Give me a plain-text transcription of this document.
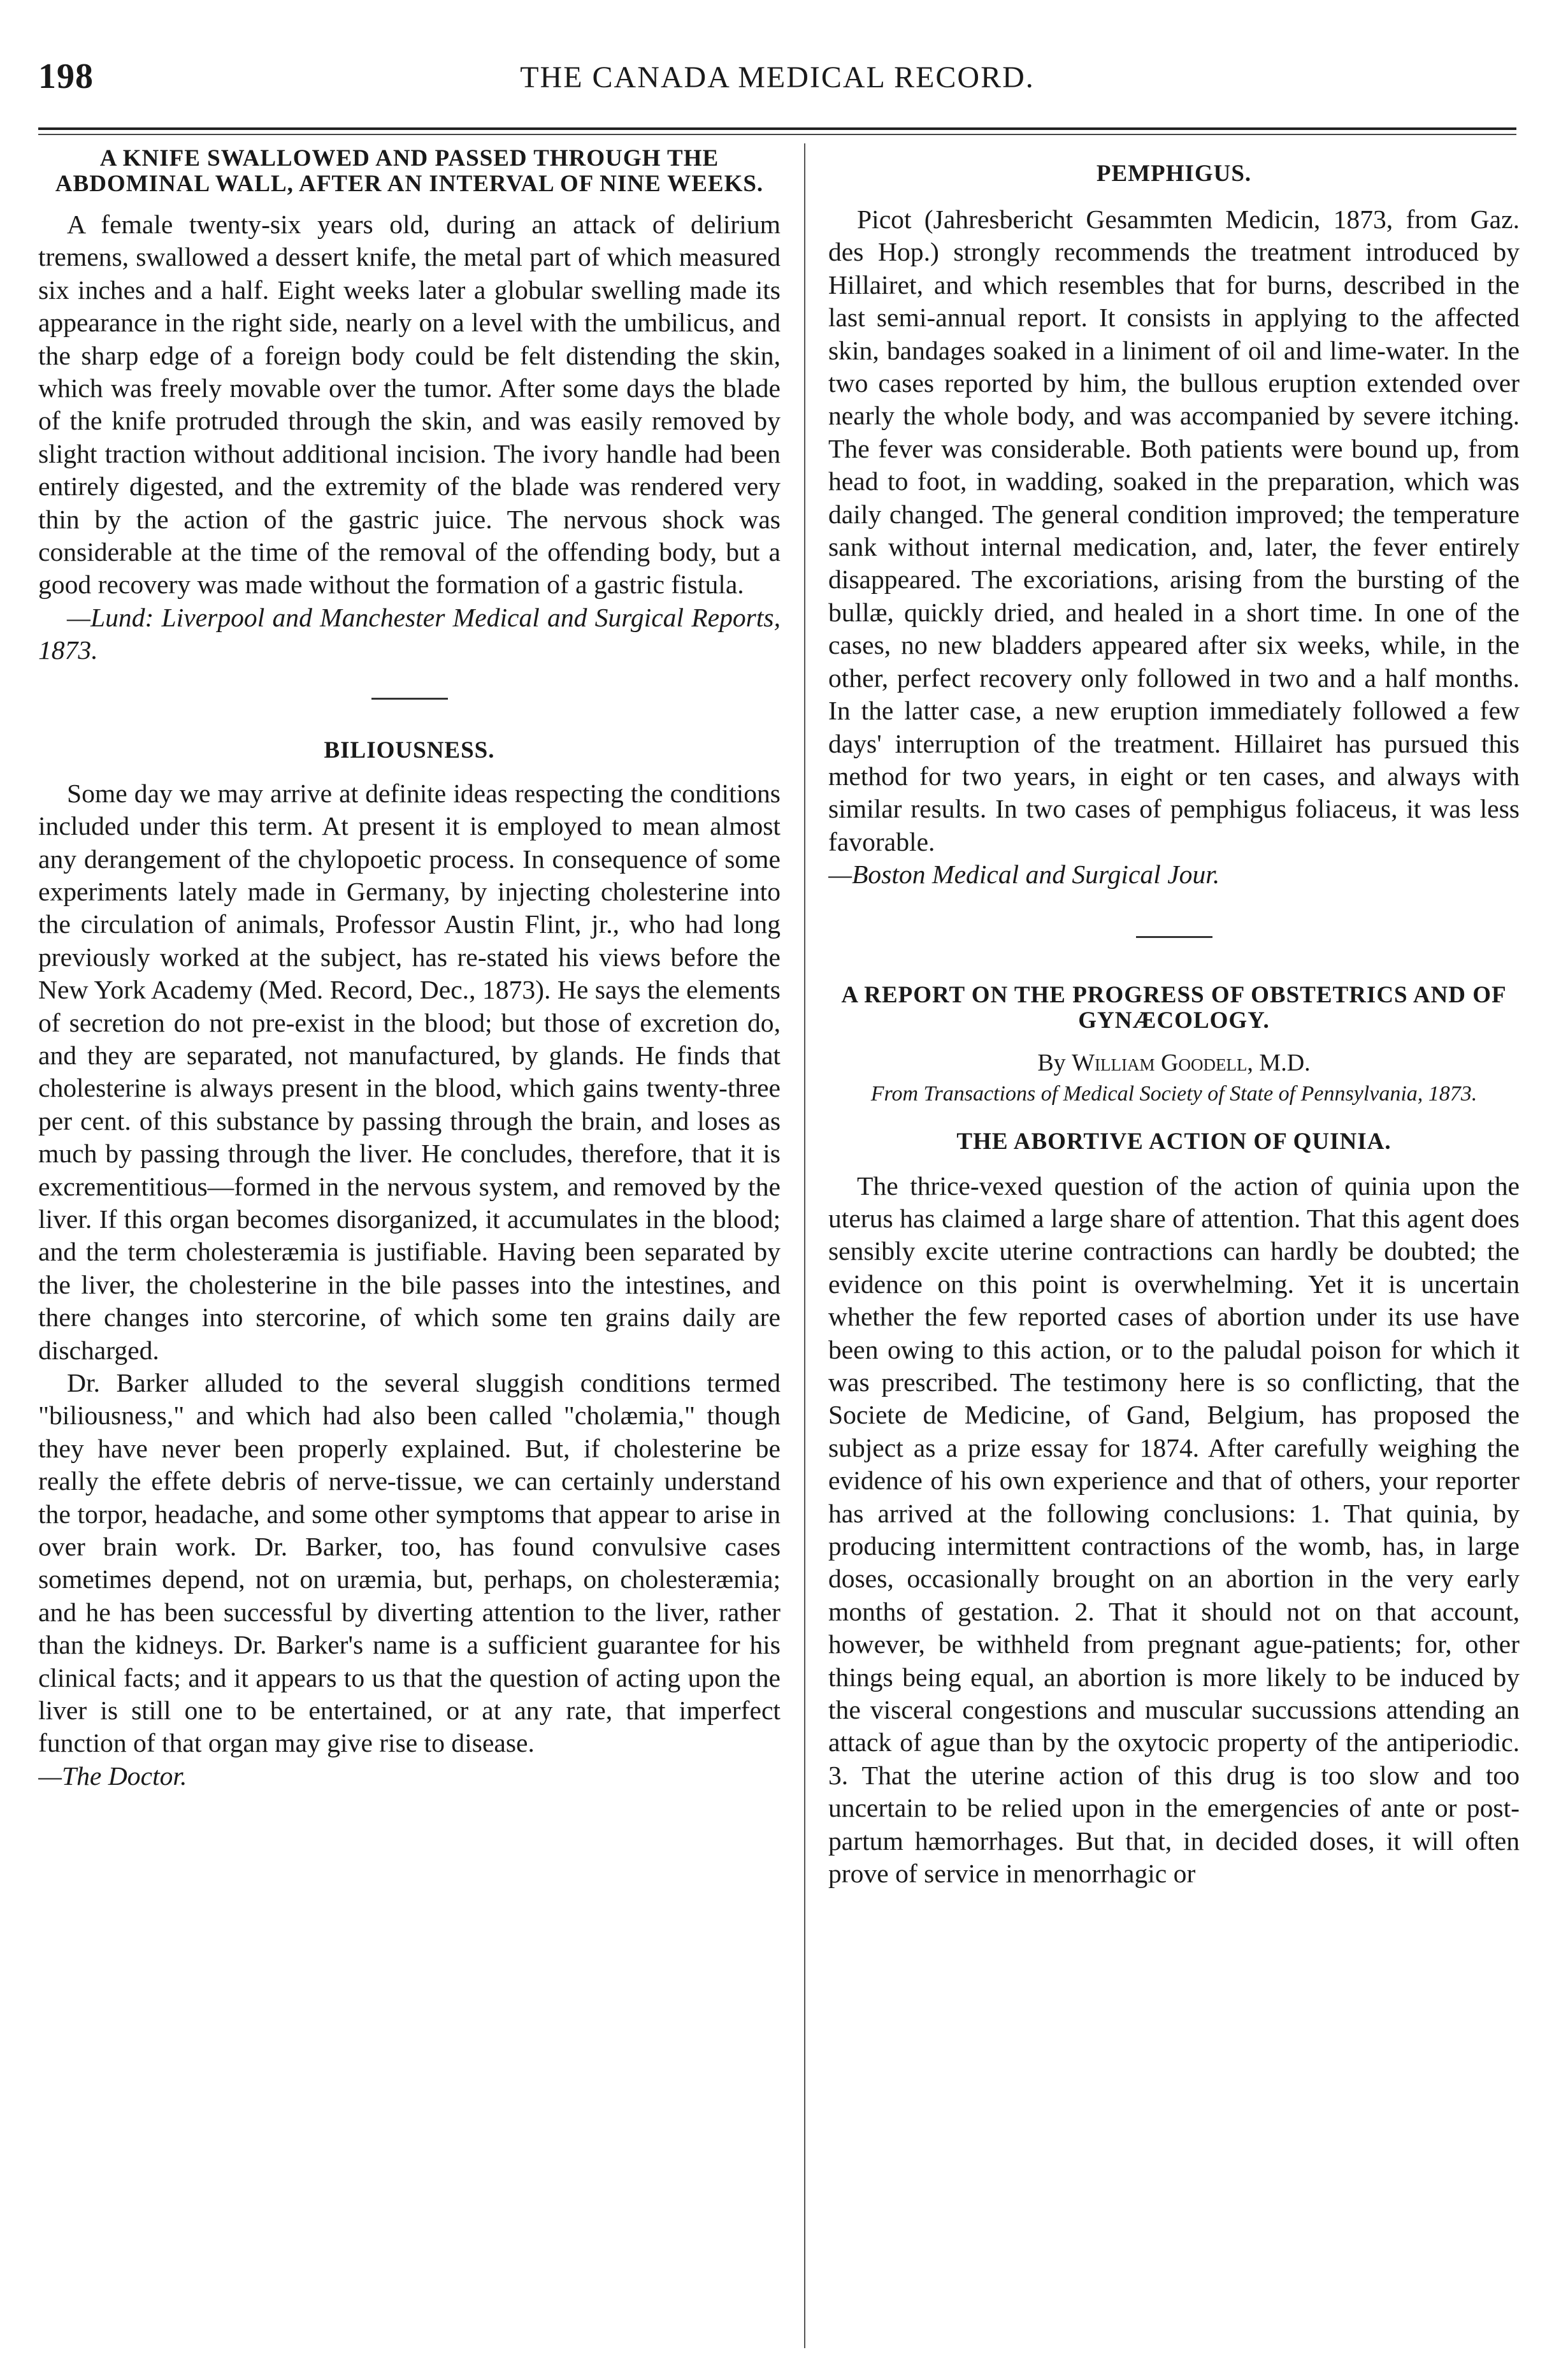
198	THE CANADA MEDICAL RECORD.
A KNIFE SWALLOWED AND PASSED THROUGH THE ABDOMINAL WALL, AFTER AN INTERVAL OF NINE WEEKS.

A female twenty-six years old, during an attack of delirium tremens, swallowed a dessert knife, the metal part of which measured six inches and a half. Eight weeks later a globular swelling made its appearance in the right side, nearly on a level with the umbilicus, and the sharp edge of a foreign body could be felt distending the skin, which was freely movable over the tumor. After some days the blade of the knife protruded through the skin, and was easily removed by slight traction without additional incision. The ivory handle had been entirely digested, and the extremity of the blade was rendered very thin by the action of the gastric juice. The nervous shock was considerable at the time of the removal of the offending body, but a good recovery was made without the formation of a gastric fistula.

—Lund: Liverpool and Manchester Medical and Surgical Reports, 1873.

BILIOUSNESS.

Some day we may arrive at definite ideas respecting the conditions included under this term. At present it is employed to mean almost any derangement of the chylopoetic process. In consequence of some experiments lately made in Germany, by injecting cholesterine into the circulation of animals, Professor Austin Flint, jr., who had long previously worked at the subject, has re-stated his views before the New York Academy (Med. Record, Dec., 1873). He says the elements of secretion do not pre-exist in the blood; but those of excretion do, and they are separated, not manufactured, by glands. He finds that cholesterine is always present in the blood, which gains twenty-three per cent. of this substance by passing through the brain, and loses as much by passing through the liver. He concludes, therefore, that it is excrementitious—formed in the nervous system, and removed by the liver. If this organ becomes disorganized, it accumulates in the blood; and the term cholesteræmia is justifiable. Having been separated by the liver, the cholesterine in the bile passes into the intestines, and there changes into stercorine, of which some ten grains daily are discharged.

Dr. Barker alluded to the several sluggish conditions termed "biliousness," and which had also been called "cholæmia," though they have never been properly explained. But, if cholesterine be really the effete debris of nerve-tissue, we can certainly understand the torpor, headache, and some other symptoms that appear to arise in over brain work. Dr. Barker, too, has found convulsive cases sometimes depend, not on uræmia, but, perhaps, on cholesteræmia; and he has been successful by diverting attention to the liver, rather than the kidneys. Dr. Barker's name is a sufficient guarantee for his clinical facts; and it appears to us that the question of acting upon the liver is still one to be entertained, or at any rate, that imperfect function of that organ may give rise to disease.

—The Doctor.

PEMPHIGUS.

Picot (Jahresbericht Gesammten Medicin, 1873, from Gaz. des Hop.) strongly recommends the treatment introduced by Hillairet, and which resembles that for burns, described in the last semi-annual report. It consists in applying to the affected skin, bandages soaked in a liniment of oil and lime-water. In the two cases reported by him, the bullous eruption extended over nearly the whole body, and was accompanied by severe itching. The fever was considerable. Both patients were bound up, from head to foot, in wadding, soaked in the preparation, which was daily changed. The general condition improved; the temperature sank without internal medication, and, later, the fever entirely disappeared. The excoriations, arising from the bursting of the bullæ, quickly dried, and healed in a short time. In one of the cases, no new bladders appeared after six weeks, while, in the other, perfect recovery only followed in two and a half months. In the latter case, a new eruption immediately followed a few days' interruption of the treatment. Hillairet has pursued this method for two years, in eight or ten cases, and always with similar results. In two cases of pemphigus foliaceus, it was less favorable.

—Boston Medical and Surgical Jour.

A REPORT ON THE PROGRESS OF OBSTETRICS AND OF GYNÆCOLOGY.
By William Goodell, M.D.
From Transactions of Medical Society of State of Pennsylvania, 1873.
THE ABORTIVE ACTION OF QUINIA.

The thrice-vexed question of the action of quinia upon the uterus has claimed a large share of attention. That this agent does sensibly excite uterine contractions can hardly be doubted; the evidence on this point is overwhelming. Yet it is uncertain whether the few reported cases of abortion under its use have been owing to this action, or to the paludal poison for which it was prescribed. The testimony here is so conflicting, that the Societe de Medicine, of Gand, Belgium, has proposed the subject as a prize essay for 1874. After carefully weighing the evidence of his own experience and that of others, your reporter has arrived at the following conclusions: 1. That quinia, by producing intermittent contractions of the womb, has, in large doses, occasionally brought on an abortion in the very early months of gestation. 2. That it should not on that account, however, be withheld from pregnant ague-patients; for, other things being equal, an abortion is more likely to be induced by the visceral congestions and muscular succussions attending an attack of ague than by the oxytocic property of the antiperiodic. 3. That the uterine action of this drug is too slow and too uncertain to be relied upon in the emergencies of ante or post-partum hæmorrhages. But that, in decided doses, it will often prove of service in menorrhagic or
